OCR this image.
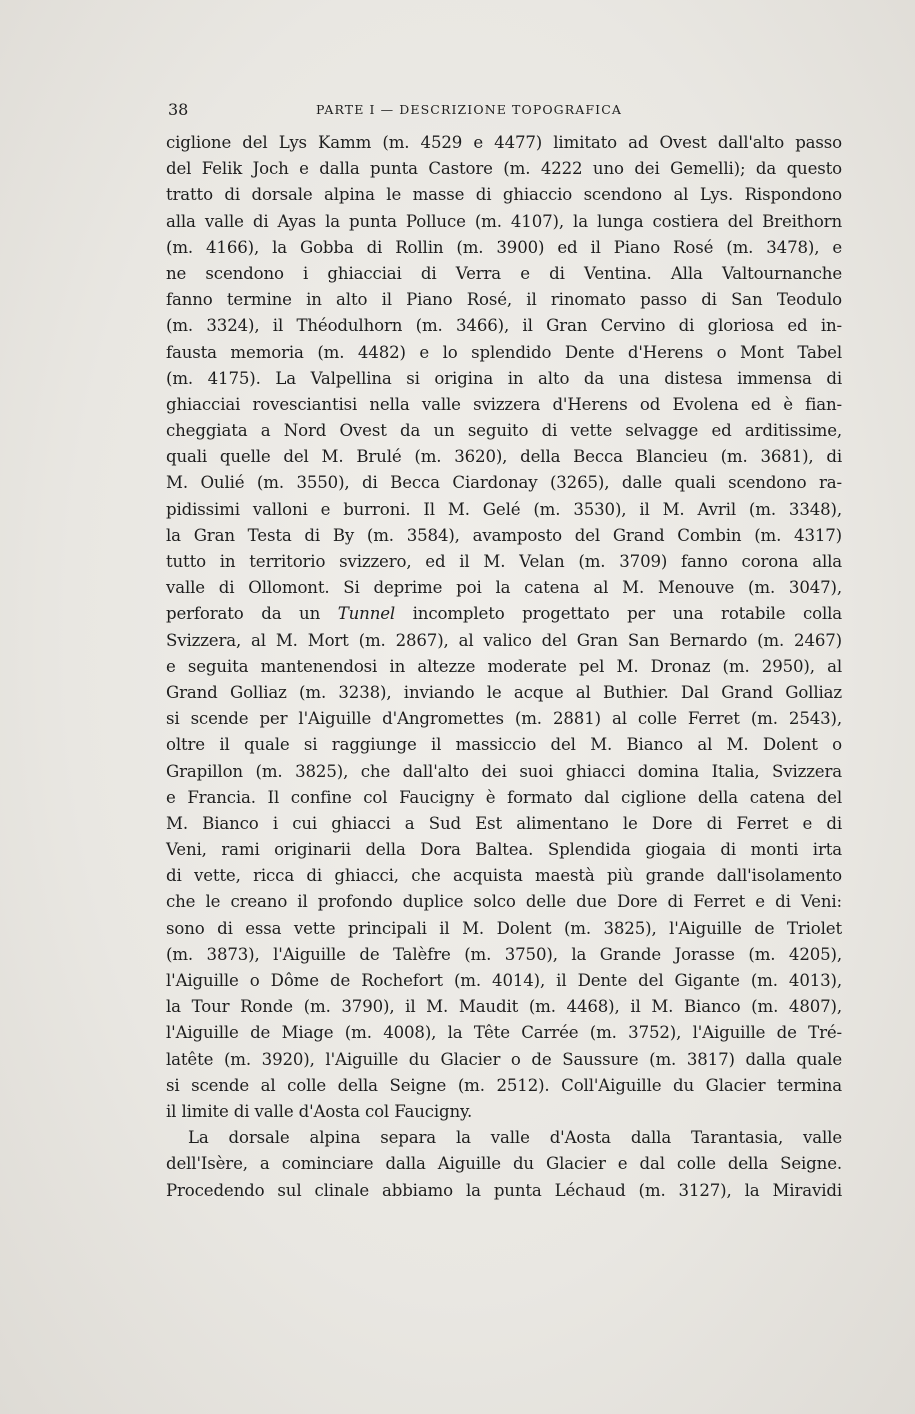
38	PARTE I — DESCRIZIONE TOPOGRAFICA
ciglione del Lys Kamm (m. 4529 e 4477) limitato ad Ovest dall'alto passo
del Felik Joch e dalla punta Castore (m. 4222 uno dei Gemelli); da questo
tratto di dorsale alpina le masse di ghiaccio scendono al Lys. Rispondono
alla valle di Ayas la punta Polluce (m. 4107), la lunga costiera del Breithorn
(m. 4166), la Gobba di Rollin (m. 3900) ed il Piano Rosé (m. 3478), e
ne scendono i ghiacciai di Verra e di Ventina. Alla Valtournanche
fanno termine in alto il Piano Rosé, il rinomato passo di San Teodulo
(m. 3324), il Théodulhorn (m. 3466), il Gran Cervino di gloriosa ed in-
fausta memoria (m. 4482) e lo splendido Dente d'Herens o Mont Tabel
(m. 4175). La Valpellina si origina in alto da una distesa immensa di
ghiacciai rovesciantisi nella valle svizzera d'Herens od Evolena ed è fian-
cheggiata a Nord Ovest da un seguito di vette selvagge ed arditissime,
quali quelle del M. Brulé (m. 3620), della Becca Blancieu (m. 3681), di
M. Oulié (m. 3550), di Becca Ciardonay (3265), dalle quali scendono ra-
pidissimi valloni e burroni. Il M. Gelé (m. 3530), il M. Avril (m. 3348),
la Gran Testa di By (m. 3584), avamposto del Grand Combin (m. 4317)
tutto in territorio svizzero, ed il M. Velan (m. 3709) fanno corona alla
valle di Ollomont. Si deprime poi la catena al M. Menouve (m. 3047),
perforato da un Tunnel incompleto progettato per una rotabile colla
Svizzera, al M. Mort (m. 2867), al valico del Gran San Bernardo (m. 2467)
e seguita mantenendosi in altezze moderate pel M. Dronaz (m. 2950), al
Grand Golliaz (m. 3238), inviando le acque al Buthier. Dal Grand Golliaz
si scende per l'Aiguille d'Angromettes (m. 2881) al colle Ferret (m. 2543),
oltre il quale si raggiunge il massiccio del M. Bianco al M. Dolent o
Grapillon (m. 3825), che dall'alto dei suoi ghiacci domina Italia, Svizzera
e Francia. Il confine col Faucigny è formato dal ciglione della catena del
M. Bianco i cui ghiacci a Sud Est alimentano le Dore di Ferret e di
Veni, rami originarii della Dora Baltea. Splendida giogaia di monti irta
di vette, ricca di ghiacci, che acquista maestà più grande dall'isolamento
che le creano il profondo duplice solco delle due Dore di Ferret e di Veni:
sono di essa vette principali il M. Dolent (m. 3825), l'Aiguille de Triolet
(m. 3873), l'Aiguille de Talèfre (m. 3750), la Grande Jorasse (m. 4205),
l'Aiguille o Dôme de Rochefort (m. 4014), il Dente del Gigante (m. 4013),
la Tour Ronde (m. 3790), il M. Maudit (m. 4468), il M. Bianco (m. 4807),
l'Aiguille de Miage (m. 4008), la Tête Carrée (m. 3752), l'Aiguille de Tré-
latête (m. 3920), l'Aiguille du Glacier o de Saussure (m. 3817) dalla quale
si scende al colle della Seigne (m. 2512). Coll'Aiguille du Glacier termina
il limite di valle d'Aosta col Faucigny.
La dorsale alpina separa la valle d'Aosta dalla Tarantasia, valle
dell'Isère, a cominciare dalla Aiguille du Glacier e dal colle della Seigne.
Procedendo sul clinale abbiamo la punta Léchaud (m. 3127), la Miravidi
